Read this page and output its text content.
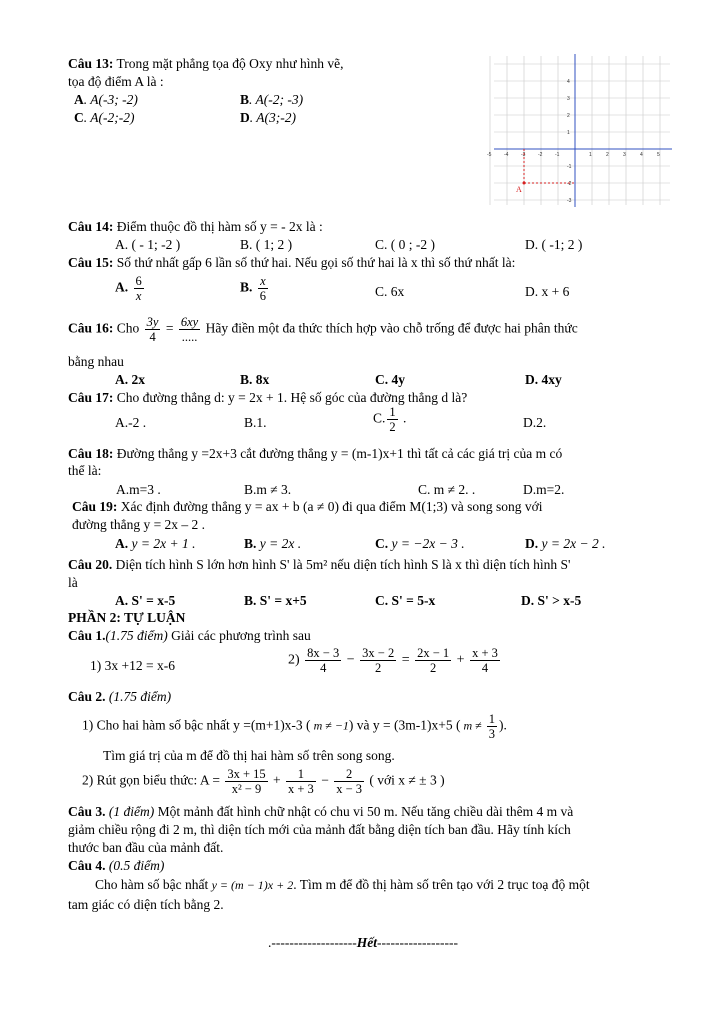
Câu 13: Trong mặt phẳng tọa độ Oxy như hình vẽ,
tọa độ điểm A là :
A. A(-3; -2)	B. A(-2; -3)
C. A(-2;-2)	D. A(3;-2)
-5	-4	-3	-2	-1	1	2	3	4	5
4
3
2
1
-1
-2
-3
A
Câu 14: Điểm thuộc đồ thị hàm số y = - 2x là :
A. ( - 1; -2 )	B. ( 1; 2 )	C. ( 0 ; -2 )	D. ( -1; 2 )
Câu 15: Số thứ nhất gấp 6 lần số thứ hai. Nếu gọi số thứ hai là x thì số thứ nhất là:
A. $\frac{6}{x}$	B. $\frac{x}{6}$	C. 6x	D. x + 6
Câu 16: Cho $\frac{3y}{4} = \frac{6xy}{.....}$ Hãy điền một đa thức thích hợp vào chỗ trống để được hai phân thức
bằng nhau
A. 2x	B. 8x	C. 4y	D. 4xy
Câu 17: Cho đường thẳng d: y = 2x + 1. Hệ số góc của đường thẳng d là?
A.-2 .	B.1.	C. $\frac{1}{2}$ .	D.2.
Câu 18: Đường thẳng y =2x+3 cắt đường thẳng y = (m-1)x+1 thì tất cả các giá trị của m có
thể là:
A.m=3 .	B.m ≠ 3.	C. m ≠ 2. .	D.m=2.
Câu 19: Xác định đường thẳng y = ax + b (a ≠ 0) đi qua điểm M(1;3) và song song với
đường thẳng y = 2x – 2 .
A. y = 2x + 1 .	B. y = 2x .	C. y = −2x − 3 .	D. y = 2x − 2 .
Câu 20. Diện tích hình S lớn hơn hình S' là 5m² nếu diện tích hình S là x thì diện tích hình S'
là
A. S' = x-5	B. S' = x+5	C. S' = 5-x	D. S' > x-5
PHẦN 2: TỰ LUẬN
Câu 1.(1.75 điểm) Giải các phương trình sau
1) 3x +12 = x-6	$2) \frac{8x - 3}{4} - \frac{3x - 2}{2} = \frac{2x - 1}{2} + \frac{x + 3}{4}$
Câu 2. (1.75 điểm)
1) Cho hai hàm số bậc nhất y =(m+1)x-3 ( m ≠ −1) và y = (3m-1)x+5 ( $m \ne \frac{1}{3}$ ).
Tìm giá trị của m để đồ thị hai hàm số trên song song.
2) Rút gọn biểu thức: $A = \frac{3x + 15}{\text{x² − 9}} + \frac{1}{x + 3} - \frac{2}{x - 3}$ ( với x ≠ ± 3 )
Câu 3. (1 điểm) Một mảnh đất hình chữ nhật có chu vi 50 m. Nếu tăng chiều dài thêm 4 m và
giảm chiều rộng đi 2 m, thì diện tích mới của mảnh đất bằng diện tích ban đầu. Hãy tính kích
thước ban đầu của mảnh đất.
Câu 4. (0.5 điểm)
Cho hàm số bậc nhất y = (m − 1)x + 2. Tìm m để đồ thị hàm số trên tạo với 2 trục toạ độ một
tam giác có diện tích bằng 2.
.-------------------Hết------------------
